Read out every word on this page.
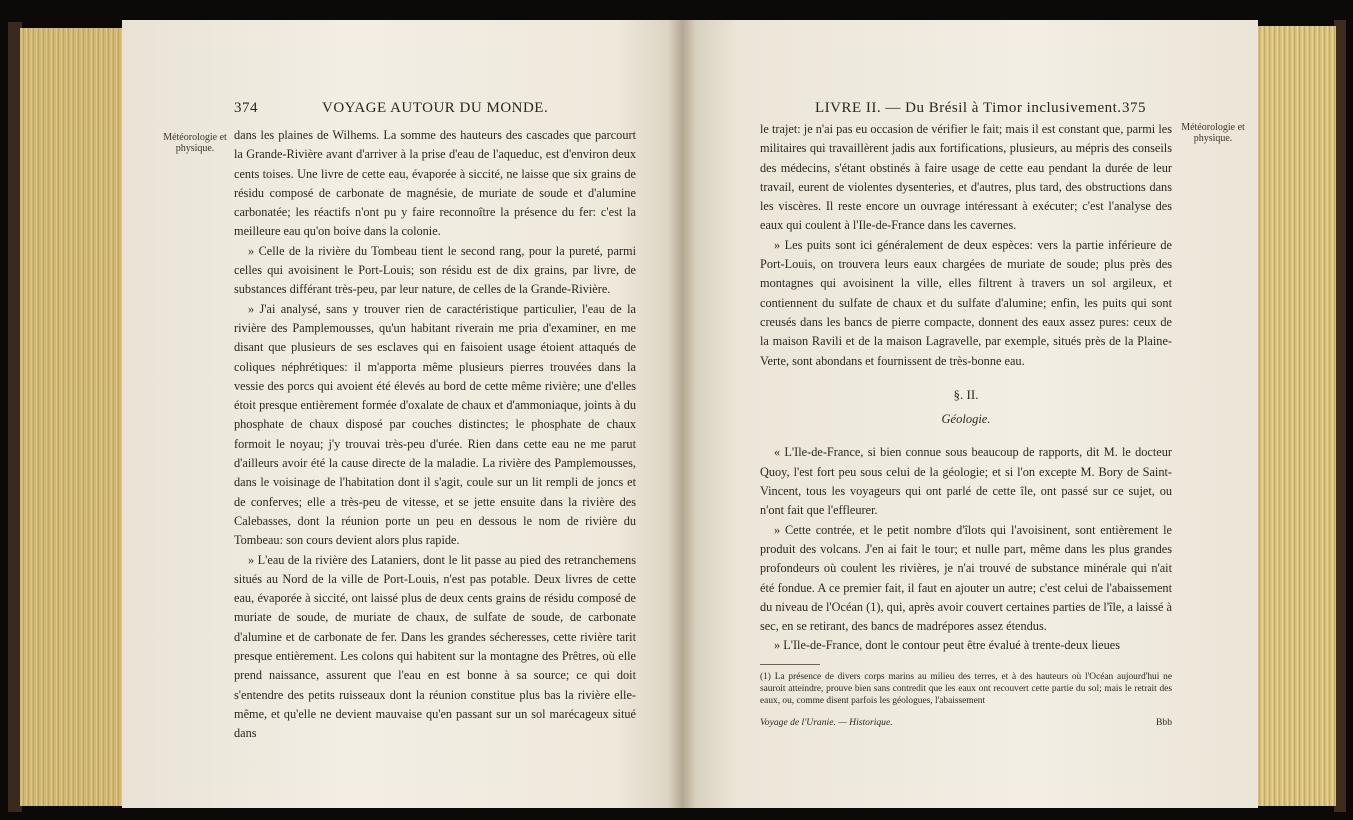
374	VOYAGE AUTOUR DU MONDE.
Météorologie et physique.

dans les plaines de Wilhems. La somme des hauteurs des cascades que parcourt la Grande-Rivière avant d'arriver à la prise d'eau de l'aqueduc, est d'environ deux cents toises. Une livre de cette eau, évaporée à siccité, ne laisse que six grains de résidu composé de carbonate de magnésie, de muriate de soude et d'alumine carbonatée; les réactifs n'ont pu y faire reconnoître la présence du fer: c'est la meilleure eau qu'on boive dans la colonie.

» Celle de la rivière du Tombeau tient le second rang, pour la pureté, parmi celles qui avoisinent le Port-Louis; son résidu est de dix grains, par livre, de substances différant très-peu, par leur nature, de celles de la Grande-Rivière.

» J'ai analysé, sans y trouver rien de caractéristique particulier, l'eau de la rivière des Pamplemousses, qu'un habitant riverain me pria d'examiner, en me disant que plusieurs de ses esclaves qui en faisoient usage étoient attaqués de coliques néphrétiques: il m'apporta même plusieurs pierres trouvées dans la vessie des porcs qui avoient été élevés au bord de cette même rivière; une d'elles étoit presque entièrement formée d'oxalate de chaux et d'ammoniaque, joints à du phosphate de chaux disposé par couches distinctes; le phosphate de chaux formoit le noyau; j'y trouvai très-peu d'urée. Rien dans cette eau ne me parut d'ailleurs avoir été la cause directe de la maladie. La rivière des Pamplemousses, dans le voisinage de l'habitation dont il s'agit, coule sur un lit rempli de joncs et de conferves; elle a très-peu de vitesse, et se jette ensuite dans la rivière des Calebasses, dont la réunion porte un peu en dessous le nom de rivière du Tombeau: son cours devient alors plus rapide.

» L'eau de la rivière des Lataniers, dont le lit passe au pied des retranchemens situés au Nord de la ville de Port-Louis, n'est pas potable. Deux livres de cette eau, évaporée à siccité, ont laissé plus de deux cents grains de résidu composé de muriate de soude, de muriate de chaux, de sulfate de soude, de carbonate d'alumine et de carbonate de fer. Dans les grandes sécheresses, cette rivière tarit presque entièrement. Les colons qui habitent sur la montagne des Prêtres, où elle prend naissance, assurent que l'eau en est bonne à sa source; ce qui doit s'entendre des petits ruisseaux dont la réunion constitue plus bas la rivière elle-même, et qu'elle ne devient mauvaise qu'en passant sur un sol marécageux situé dans

LIVRE II. — Du Brésil à Timor inclusivement. 375
Météorologie et physique.

le trajet: je n'ai pas eu occasion de vérifier le fait; mais il est constant que, parmi les militaires qui travaillèrent jadis aux fortifications, plusieurs, au mépris des conseils des médecins, s'étant obstinés à faire usage de cette eau pendant la durée de leur travail, eurent de violentes dysenteries, et d'autres, plus tard, des obstructions dans les viscères. Il reste encore un ouvrage intéressant à exécuter; c'est l'analyse des eaux qui coulent à l'Ile-de-France dans les cavernes.

» Les puits sont ici généralement de deux espèces: vers la partie inférieure de Port-Louis, on trouvera leurs eaux chargées de muriate de soude; plus près des montagnes qui avoisinent la ville, elles filtrent à travers un sol argileux, et contiennent du sulfate de chaux et du sulfate d'alumine; enfin, les puits qui sont creusés dans les bancs de pierre compacte, donnent des eaux assez pures: ceux de la maison Ravili et de la maison Lagravelle, par exemple, situés près de la Plaine-Verte, sont abondans et fournissent de très-bonne eau.

§. II.
Géologie.

« L'Ile-de-France, si bien connue sous beaucoup de rapports, dit M. le docteur Quoy, l'est fort peu sous celui de la géologie; et si l'on excepte M. Bory de Saint-Vincent, tous les voyageurs qui ont parlé de cette île, ont passé sur ce sujet, ou n'ont fait que l'effleurer.

» Cette contrée, et le petit nombre d'îlots qui l'avoisinent, sont entièrement le produit des volcans. J'en ai fait le tour; et nulle part, même dans les plus grandes profondeurs où coulent les rivières, je n'ai trouvé de substance minérale qui n'ait été fondue. A ce premier fait, il faut en ajouter un autre; c'est celui de l'abaissement du niveau de l'Océan (1), qui, après avoir couvert certaines parties de l'île, a laissé à sec, en se retirant, des bancs de madrépores assez étendus.

» L'Ile-de-France, dont le contour peut être évalué à trente-deux lieues

(1) La présence de divers corps marins au milieu des terres, et à des hauteurs où l'Océan aujourd'hui ne sauroit atteindre, prouve bien sans contredit que les eaux ont recouvert cette partie du sol; mais le retrait des eaux, ou, comme disent parfois les géologues, l'abaissement
Voyage de l'Uranie. — Historique.	Bbb
